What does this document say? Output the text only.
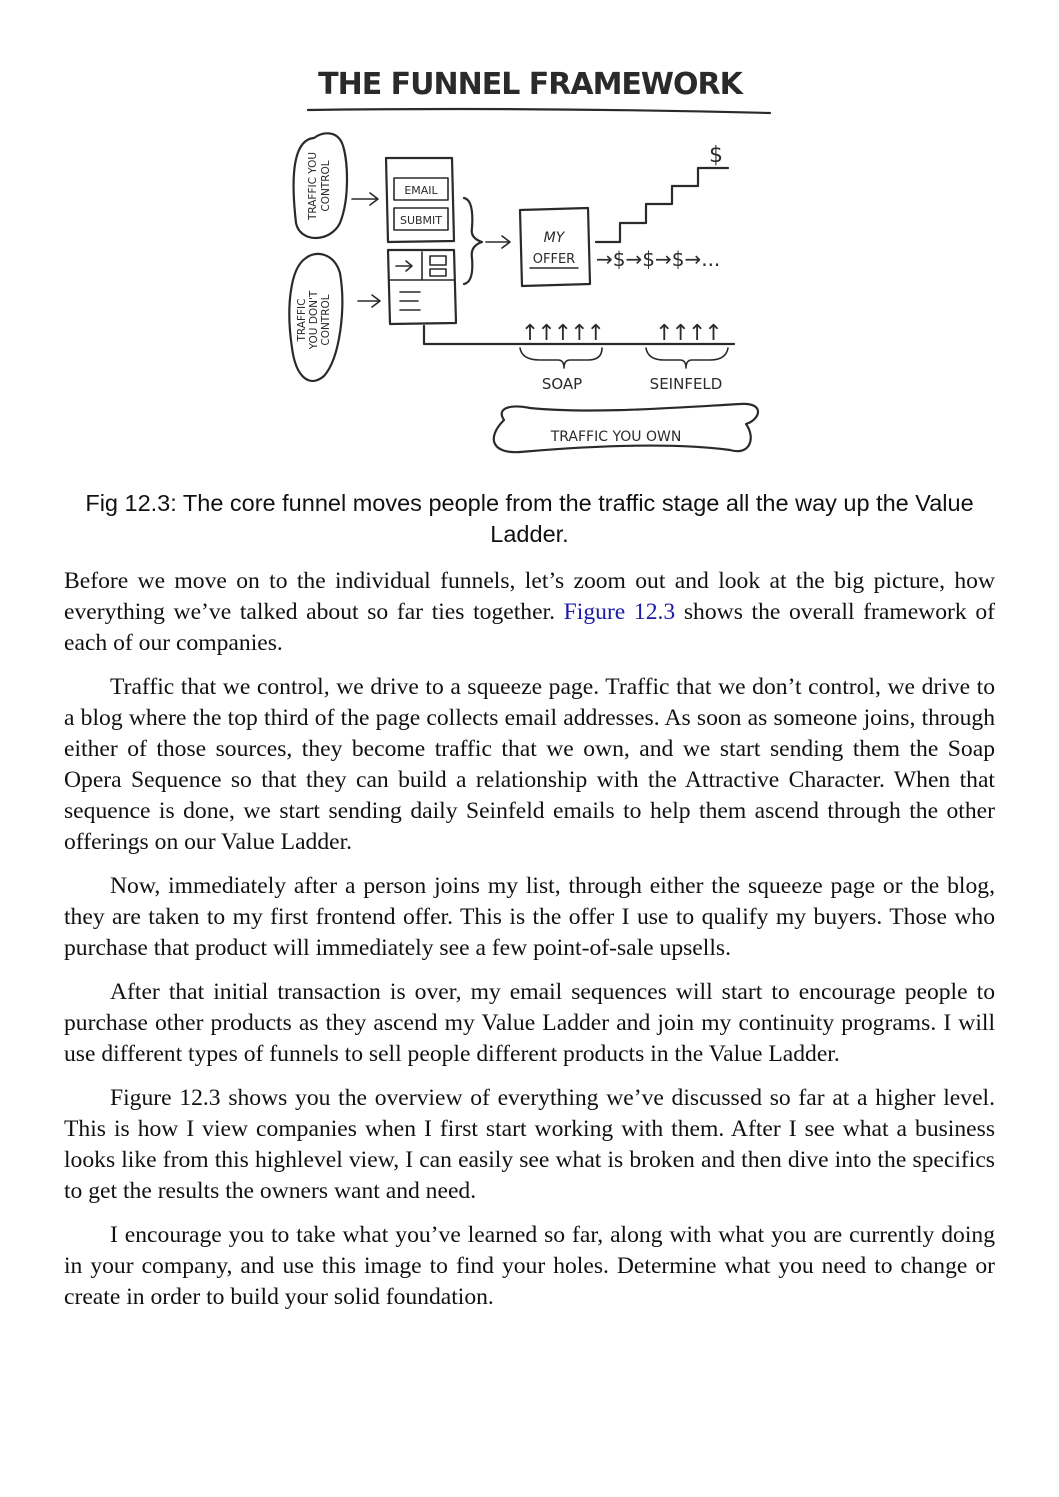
THE FUNNEL FRAMEWORK
TRAFFIC YOU CONTROL
TRAFFIC YOU DON'T CONTROL
EMAIL
SUBMIT
MY
OFFER
$
→$→$→$→...
↑↑↑↑↑ ↑↑↑↑
SOAP	SEINFELD
TRAFFIC YOU OWN
Fig 12.3: The core funnel moves people from the traffic stage all the way up the Value Ladder.

Before we move on to the individual funnels, let’s zoom out and look at the big picture, how everything we’ve talked about so far ties together. Figure 12.3 shows the overall framework of each of our companies.

Traffic that we control, we drive to a squeeze page. Traffic that we don’t control, we drive to a blog where the top third of the page collects email addresses. As soon as someone joins, through either of those sources, they become traffic that we own, and we start sending them the Soap Opera Sequence so that they can build a relationship with the Attractive Character. When that sequence is done, we start sending daily Seinfeld emails to help them ascend through the other offerings on our Value Ladder.

Now, immediately after a person joins my list, through either the squeeze page or the blog, they are taken to my first frontend offer. This is the offer I use to qualify my buyers. Those who purchase that product will immediately see a few point-of-sale upsells.

After that initial transaction is over, my email sequences will start to encourage people to purchase other products as they ascend my Value Ladder and join my continuity programs. I will use different types of funnels to sell people different products in the Value Ladder.

Figure 12.3 shows you the overview of everything we’ve discussed so far at a higher level. This is how I view companies when I first start working with them. After I see what a business looks like from this highlevel view, I can easily see what is broken and then dive into the specifics to get the results the owners want and need.

I encourage you to take what you’ve learned so far, along with what you are currently doing in your company, and use this image to find your holes. Determine what you need to change or create in order to build your solid foundation.
